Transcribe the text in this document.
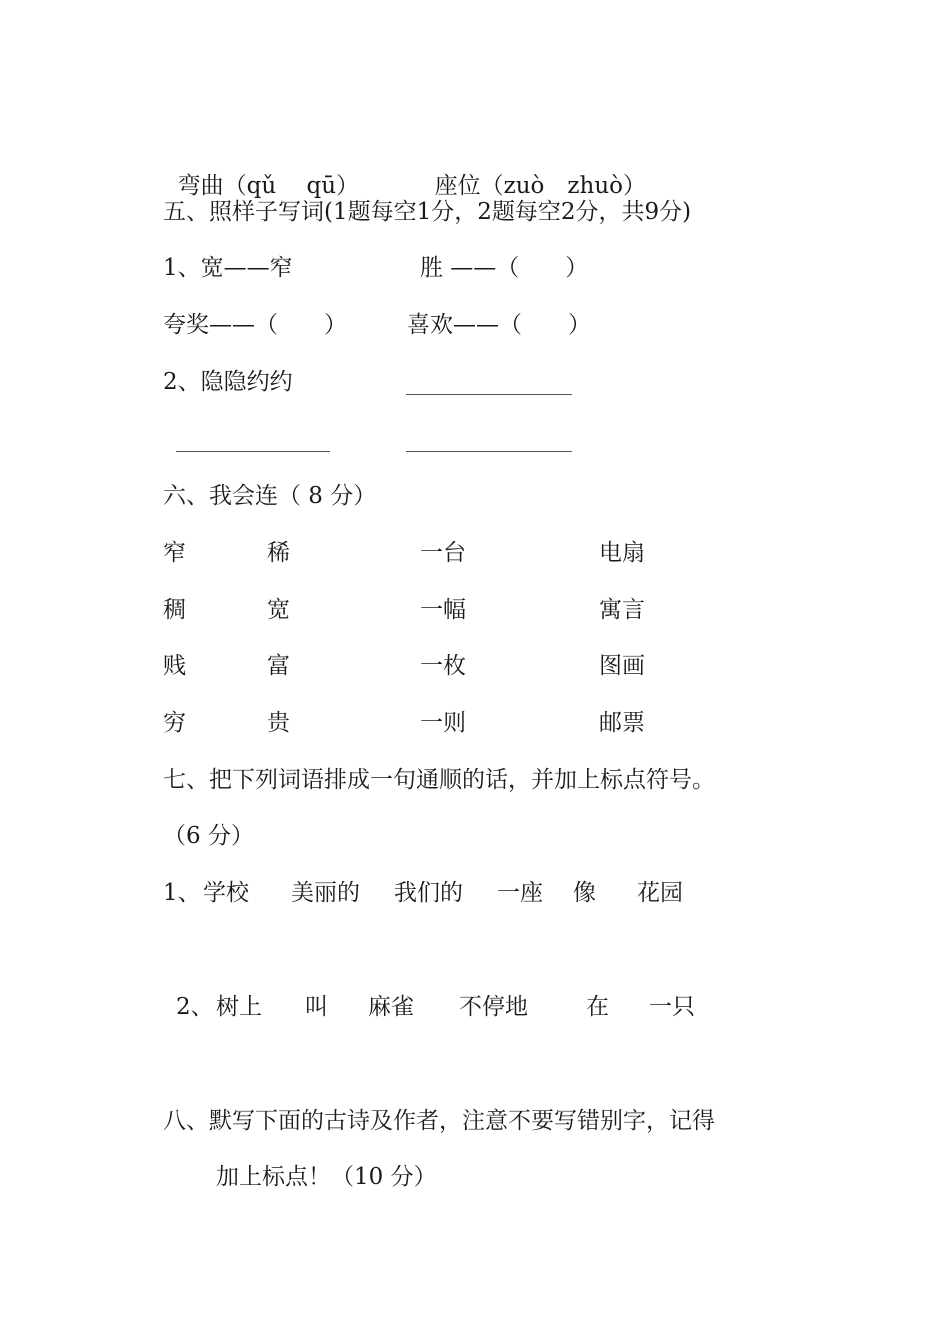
弯曲（qǔ　 qū）	座位（zuò　zhuò）

五、照样子写词(1题每空1分，2题每空2分，共9分)
1、宽——窄	胜 ——（　　）
夸奖——（　　）	喜欢——（　　）
2、隐隐约约
六、我会连（ 8 分）
窄	稀	一台	电扇
稠	宽	一幅	寓言
贱	富	一枚	图画
穷	贵	一则	邮票
七、把下列词语排成一句通顺的话，并加上标点符号。
（6 分）
1、 学校 美丽的 我们的 一座 像 花园
2、 树上 叫 麻雀 不停地	在 一只
八、默写下面的古诗及作者，注意不要写错别字，记得
加上标点！（10 分）
